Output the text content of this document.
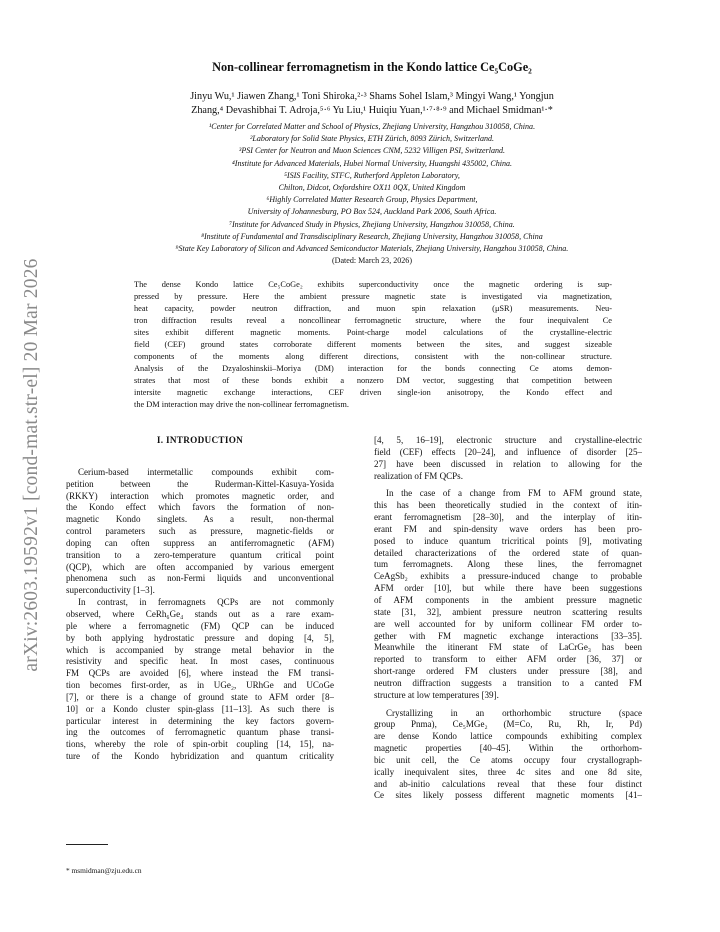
arXiv:2603.19592v1 [cond-mat.str-el] 20 Mar 2026
Non-collinear ferromagnetism in the Kondo lattice Ce₅CoGe₂
Jinyu Wu,¹ Jiawen Zhang,¹ Toni Shiroka,²·³ Shams Sohel Islam,³ Mingyi Wang,¹ Yongjun
Zhang,⁴ Devashibhai T. Adroja,⁵·⁶ Yu Liu,¹ Huiqiu Yuan,¹·⁷·⁸·⁹ and Michael Smidman¹·*
¹Center for Correlated Matter and School of Physics, Zhejiang University, Hangzhou 310058, China.
²Laboratory for Solid State Physics, ETH Zürich, 8093 Zürich, Switzerland.
³PSI Center for Neutron and Muon Sciences CNM, 5232 Villigen PSI, Switzerland.
⁴Institute for Advanced Materials, Hubei Normal University, Huangshi 435002, China.
⁵ISIS Facility, STFC, Rutherford Appleton Laboratory,
Chilton, Didcot, Oxfordshire OX11 0QX, United Kingdom
⁶Highly Correlated Matter Research Group, Physics Department,
University of Johannesburg, PO Box 524, Auckland Park 2006, South Africa.
⁷Institute for Advanced Study in Physics, Zhejiang University, Hangzhou 310058, China.
⁸Institute of Fundamental and Transdisciplinary Research, Zhejiang University, Hangzhou 310058, China
⁹State Key Laboratory of Silicon and Advanced Semiconductor Materials, Zhejiang University, Hangzhou 310058, China.
(Dated: March 23, 2026)
The dense Kondo lattice Ce₅CoGe₂ exhibits superconductivity once the magnetic ordering is sup-
pressed by pressure. Here the ambient pressure magnetic state is investigated via magnetization,
heat capacity, powder neutron diffraction, and muon spin relaxation (μSR) measurements. Neu-
tron diffraction results reveal a noncollinear ferromagnetic structure, where the four inequivalent Ce
sites exhibit different magnetic moments. Point-charge model calculations of the crystalline-electric
field (CEF) ground states corroborate different moments between the sites, and suggest sizeable
components of the moments along different directions, consistent with the non-collinear structure.
Analysis of the Dzyaloshinskii–Moriya (DM) interaction for the bonds connecting Ce atoms demon-
strates that most of these bonds exhibit a nonzero DM vector, suggesting that competition between
intersite magnetic exchange interactions, CEF driven single-ion anisotropy, the Kondo effect and
the DM interaction may drive the non-collinear ferromagnetism.
I. INTRODUCTION
Cerium-based intermetallic compounds exhibit com-
petition between the Ruderman-Kittel-Kasuya-Yosida
(RKKY) interaction which promotes magnetic order, and
the Kondo effect which favors the formation of non-
magnetic Kondo singlets. As a result, non-thermal
control parameters such as pressure, magnetic-fields or
doping can often suppress an antiferromagnetic (AFM)
transition to a zero-temperature quantum critical point
(QCP), which are often accompanied by various emergent
phenomena such as non-Fermi liquids and unconventional
superconductivity [1–3].
In contrast, in ferromagnets QCPs are not commonly
observed, where CeRh₆Ge₄ stands out as a rare exam-
ple where a ferromagnetic (FM) QCP can be induced
by both applying hydrostatic pressure and doping [4, 5],
which is accompanied by strange metal behavior in the
resistivity and specific heat. In most cases, continuous
FM QCPs are avoided [6], where instead the FM transi-
tion becomes first-order, as in UGe₂, URhGe and UCoGe
[7], or there is a change of ground state to AFM order [8–
10] or a Kondo cluster spin-glass [11–13]. As such there is
particular interest in determining the key factors govern-
ing the outcomes of ferromagnetic quantum phase transi-
tions, whereby the role of spin-orbit coupling [14, 15], na-
ture of the Kondo hybridization and quantum criticality
[4, 5, 16–19], electronic structure and crystalline-electric
field (CEF) effects [20–24], and influence of disorder [25–
27] have been discussed in relation to allowing for the
realization of FM QCPs.
In the case of a change from FM to AFM ground state,
this has been theoretically studied in the context of itin-
erant ferromagnetism [28–30], and the interplay of itin-
erant FM and spin-density wave orders has been pro-
posed to induce quantum tricritical points [9], motivating
detailed characterizations of the ordered state of quan-
tum ferromagnets. Along these lines, the ferromagnet
CeAgSb₂ exhibits a pressure-induced change to probable
AFM order [10], but while there have been suggestions
of AFM components in the ambient pressure magnetic
state [31, 32], ambient pressure neutron scattering results
are well accounted for by uniform collinear FM order to-
gether with FM magnetic exchange interactions [33–35].
Meanwhile the itinerant FM state of LaCrGe₃ has been
reported to transform to either AFM order [36, 37] or
short-range ordered FM clusters under pressure [38], and
neutron diffraction suggests a transition to a canted FM
structure at low temperatures [39].
Crystallizing in an orthorhombic structure (space
group Pnma), Ce₅MGe₂ (M=Co, Ru, Rh, Ir, Pd)
are dense Kondo lattice compounds exhibiting complex
magnetic properties [40–45]. Within the orthorhom-
bic unit cell, the Ce atoms occupy four crystallograph-
ically inequivalent sites, three 4c sites and one 8d site,
and ab-initio calculations reveal that these four distinct
Ce sites likely possess different magnetic moments [41–
* msmidman@zju.edu.cn
